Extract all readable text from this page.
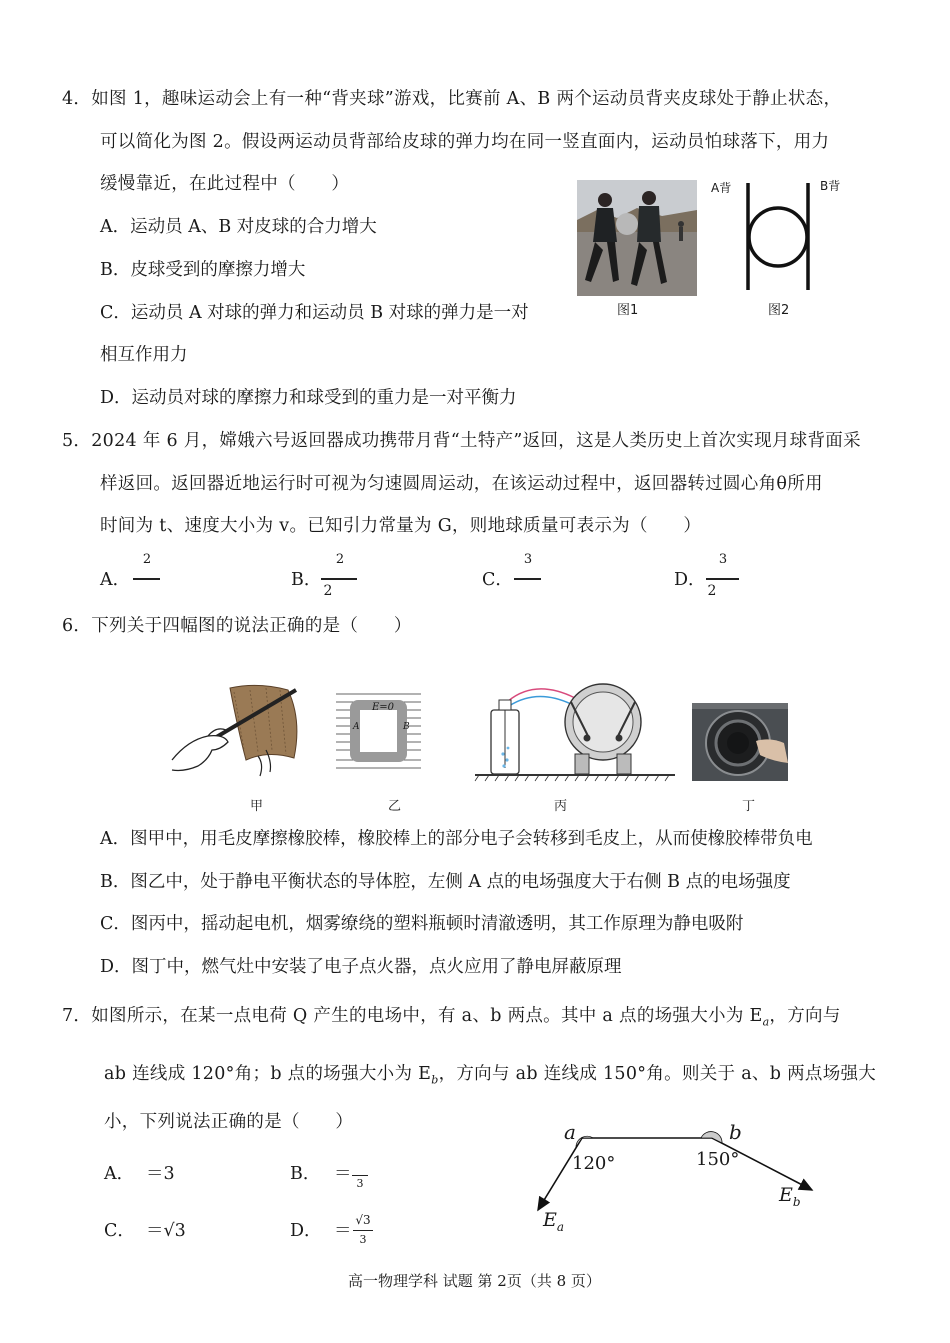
4．如图 1，趣味运动会上有一种“背夹球”游戏，比赛前 A、B 两个运动员背夹皮球处于静止状态，
可以简化为图 2。假设两运动员背部给皮球的弹力均在同一竖直面内，运动员怕球落下，用力
缓慢靠近，在此过程中（　　）
A．运动员 A、B 对皮球的合力增大
B．皮球受到的摩擦力增大
C．运动员 A 对球的弹力和运动员 B 对球的弹力是一对
相互作用力
D．运动员对球的摩擦力和球受到的重力是一对平衡力
图1
A背	B背
图2
5．2024 年 6 月，嫦娥六号返回器成功携带月背“土特产”返回，这是人类历史上首次实现月球背面采
样返回。返回器近地运行时可视为匀速圆周运动，在该运动过程中，返回器转过圆心角θ所用
时间为 t、速度大小为 v。已知引力常量为 G，则地球质量可表示为（　　）
A．
2
B．
2
2
C．
3
D．
3
2
6．下列关于四幅图的说法正确的是（　　）
甲
E=0
A	B
乙	丙	丁
A．图甲中，用毛皮摩擦橡胶棒，橡胶棒上的部分电子会转移到毛皮上，从而使橡胶棒带负电
B．图乙中，处于静电平衡状态的导体腔，左侧 A 点的电场强度大于右侧 B 点的电场强度
C．图丙中，摇动起电机，烟雾缭绕的塑料瓶顿时清澈透明，其工作原理为静电吸附
D．图丁中，燃气灶中安装了电子点火器，点火应用了静电屏蔽原理
7．如图所示，在某一点电荷 Q 产生的电场中，有 a、b 两点。其中 a 点的场强大小为 $E_a$，方向与
ab 连线成 120°角；b 点的场强大小为 $E_b$，方向与 ab 连线成 150°角。则关于 a、b 两点场强大
小，下列说法正确的是（　　）
A． ＝3	B． ＝ 3
C． ＝√3	D． ＝
√3
3
a	b
120°	150°
$E_a$
$E_b$
高一物理学科 试题 第 2页（共 8 页）
